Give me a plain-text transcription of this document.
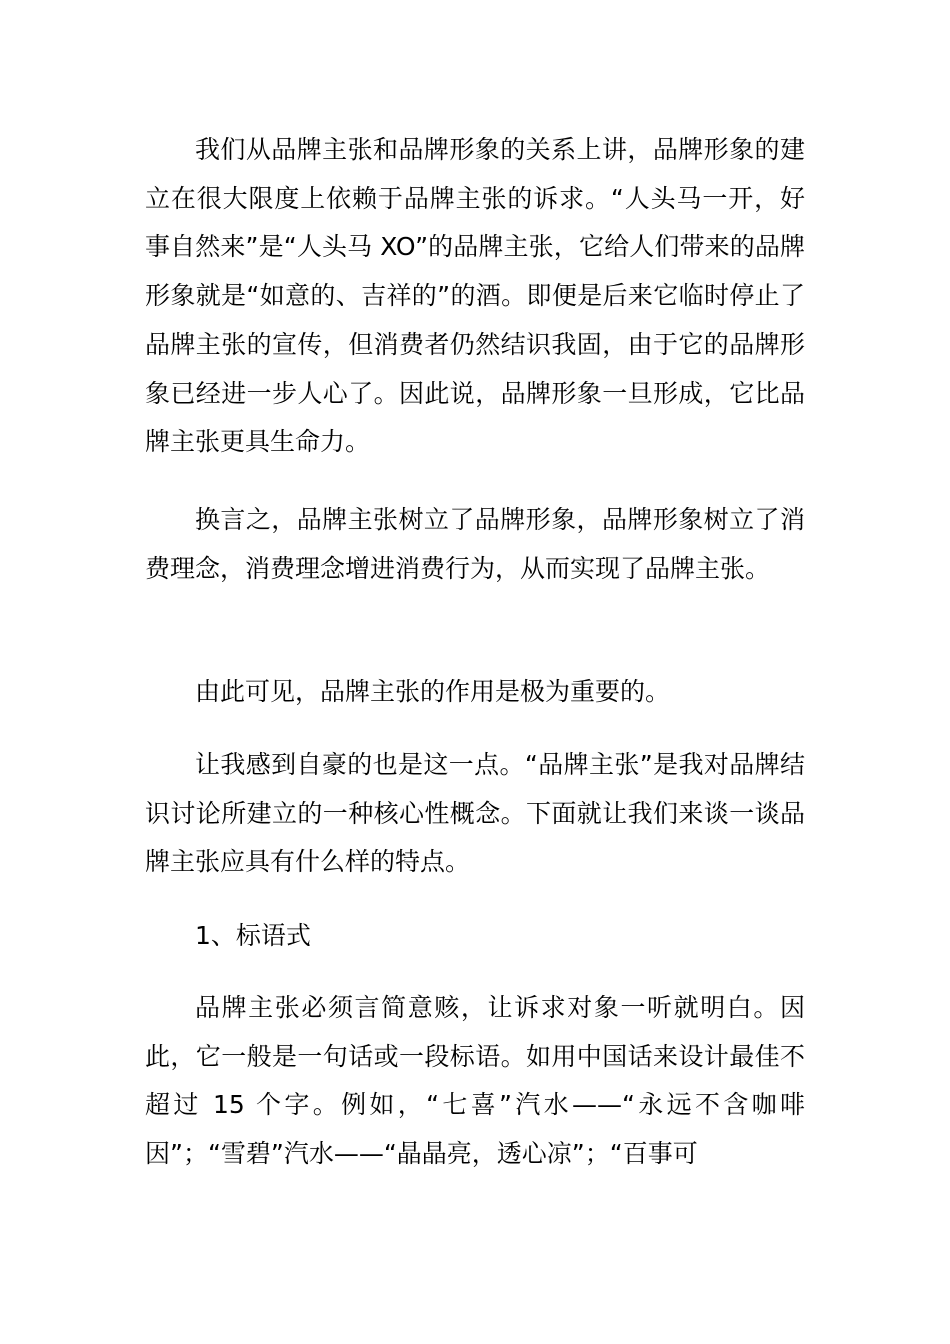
我们从品牌主张和品牌形象的关系上讲，品牌形象的建立在很大限度上依赖于品牌主张的诉求。“人头马一开，好事自然来”是“人头马 XO”的品牌主张，它给人们带来的品牌形象就是“如意的、吉祥的”的酒。即便是后来它临时停止了品牌主张的宣传，但消费者仍然结识我固，由于它的品牌形象已经进一步人心了。因此说，品牌形象一旦形成，它比品牌主张更具生命力。

换言之，品牌主张树立了品牌形象，品牌形象树立了消费理念，消费理念增进消费行为，从而实现了品牌主张。

由此可见，品牌主张的作用是极为重要的。

让我感到自豪的也是这一点。“品牌主张”是我对品牌结识讨论所建立的一种核心性概念。下面就让我们来谈一谈品牌主张应具有什么样的特点。

1、标语式

品牌主张必须言简意赅，让诉求对象一听就明白。因此，它一般是一句话或一段标语。如用中国话来设计最佳不超过 15 个字。例如，“七喜”汽水——“永远不含咖啡因”；“雪碧”汽水——“晶晶亮，透心凉”；“百事可
